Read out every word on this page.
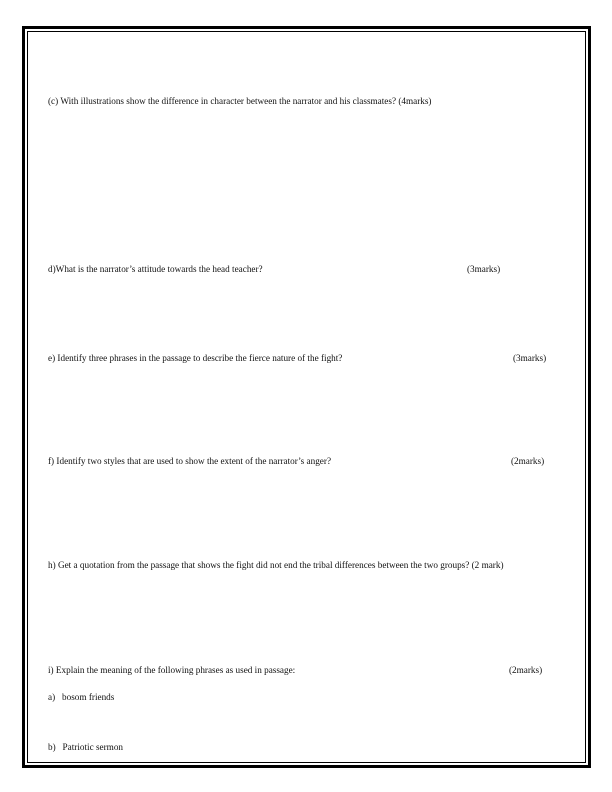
(c) With illustrations show the difference in character between the narrator and his classmates? (4marks)
d)What is the narrator’s attitude towards the head teacher?	(3marks)
e) Identify three phrases in the passage to describe the fierce nature of the fight?	(3marks)
f) Identify two styles that are used to show the extent of the narrator’s anger?	(2marks)
h) Get a quotation from the passage that shows the fight did not end the tribal differences between the two groups? (2 mark)
i) Explain the meaning of the following phrases as used in passage:	(2marks)
a)   bosom friends
b)   Patriotic sermon
